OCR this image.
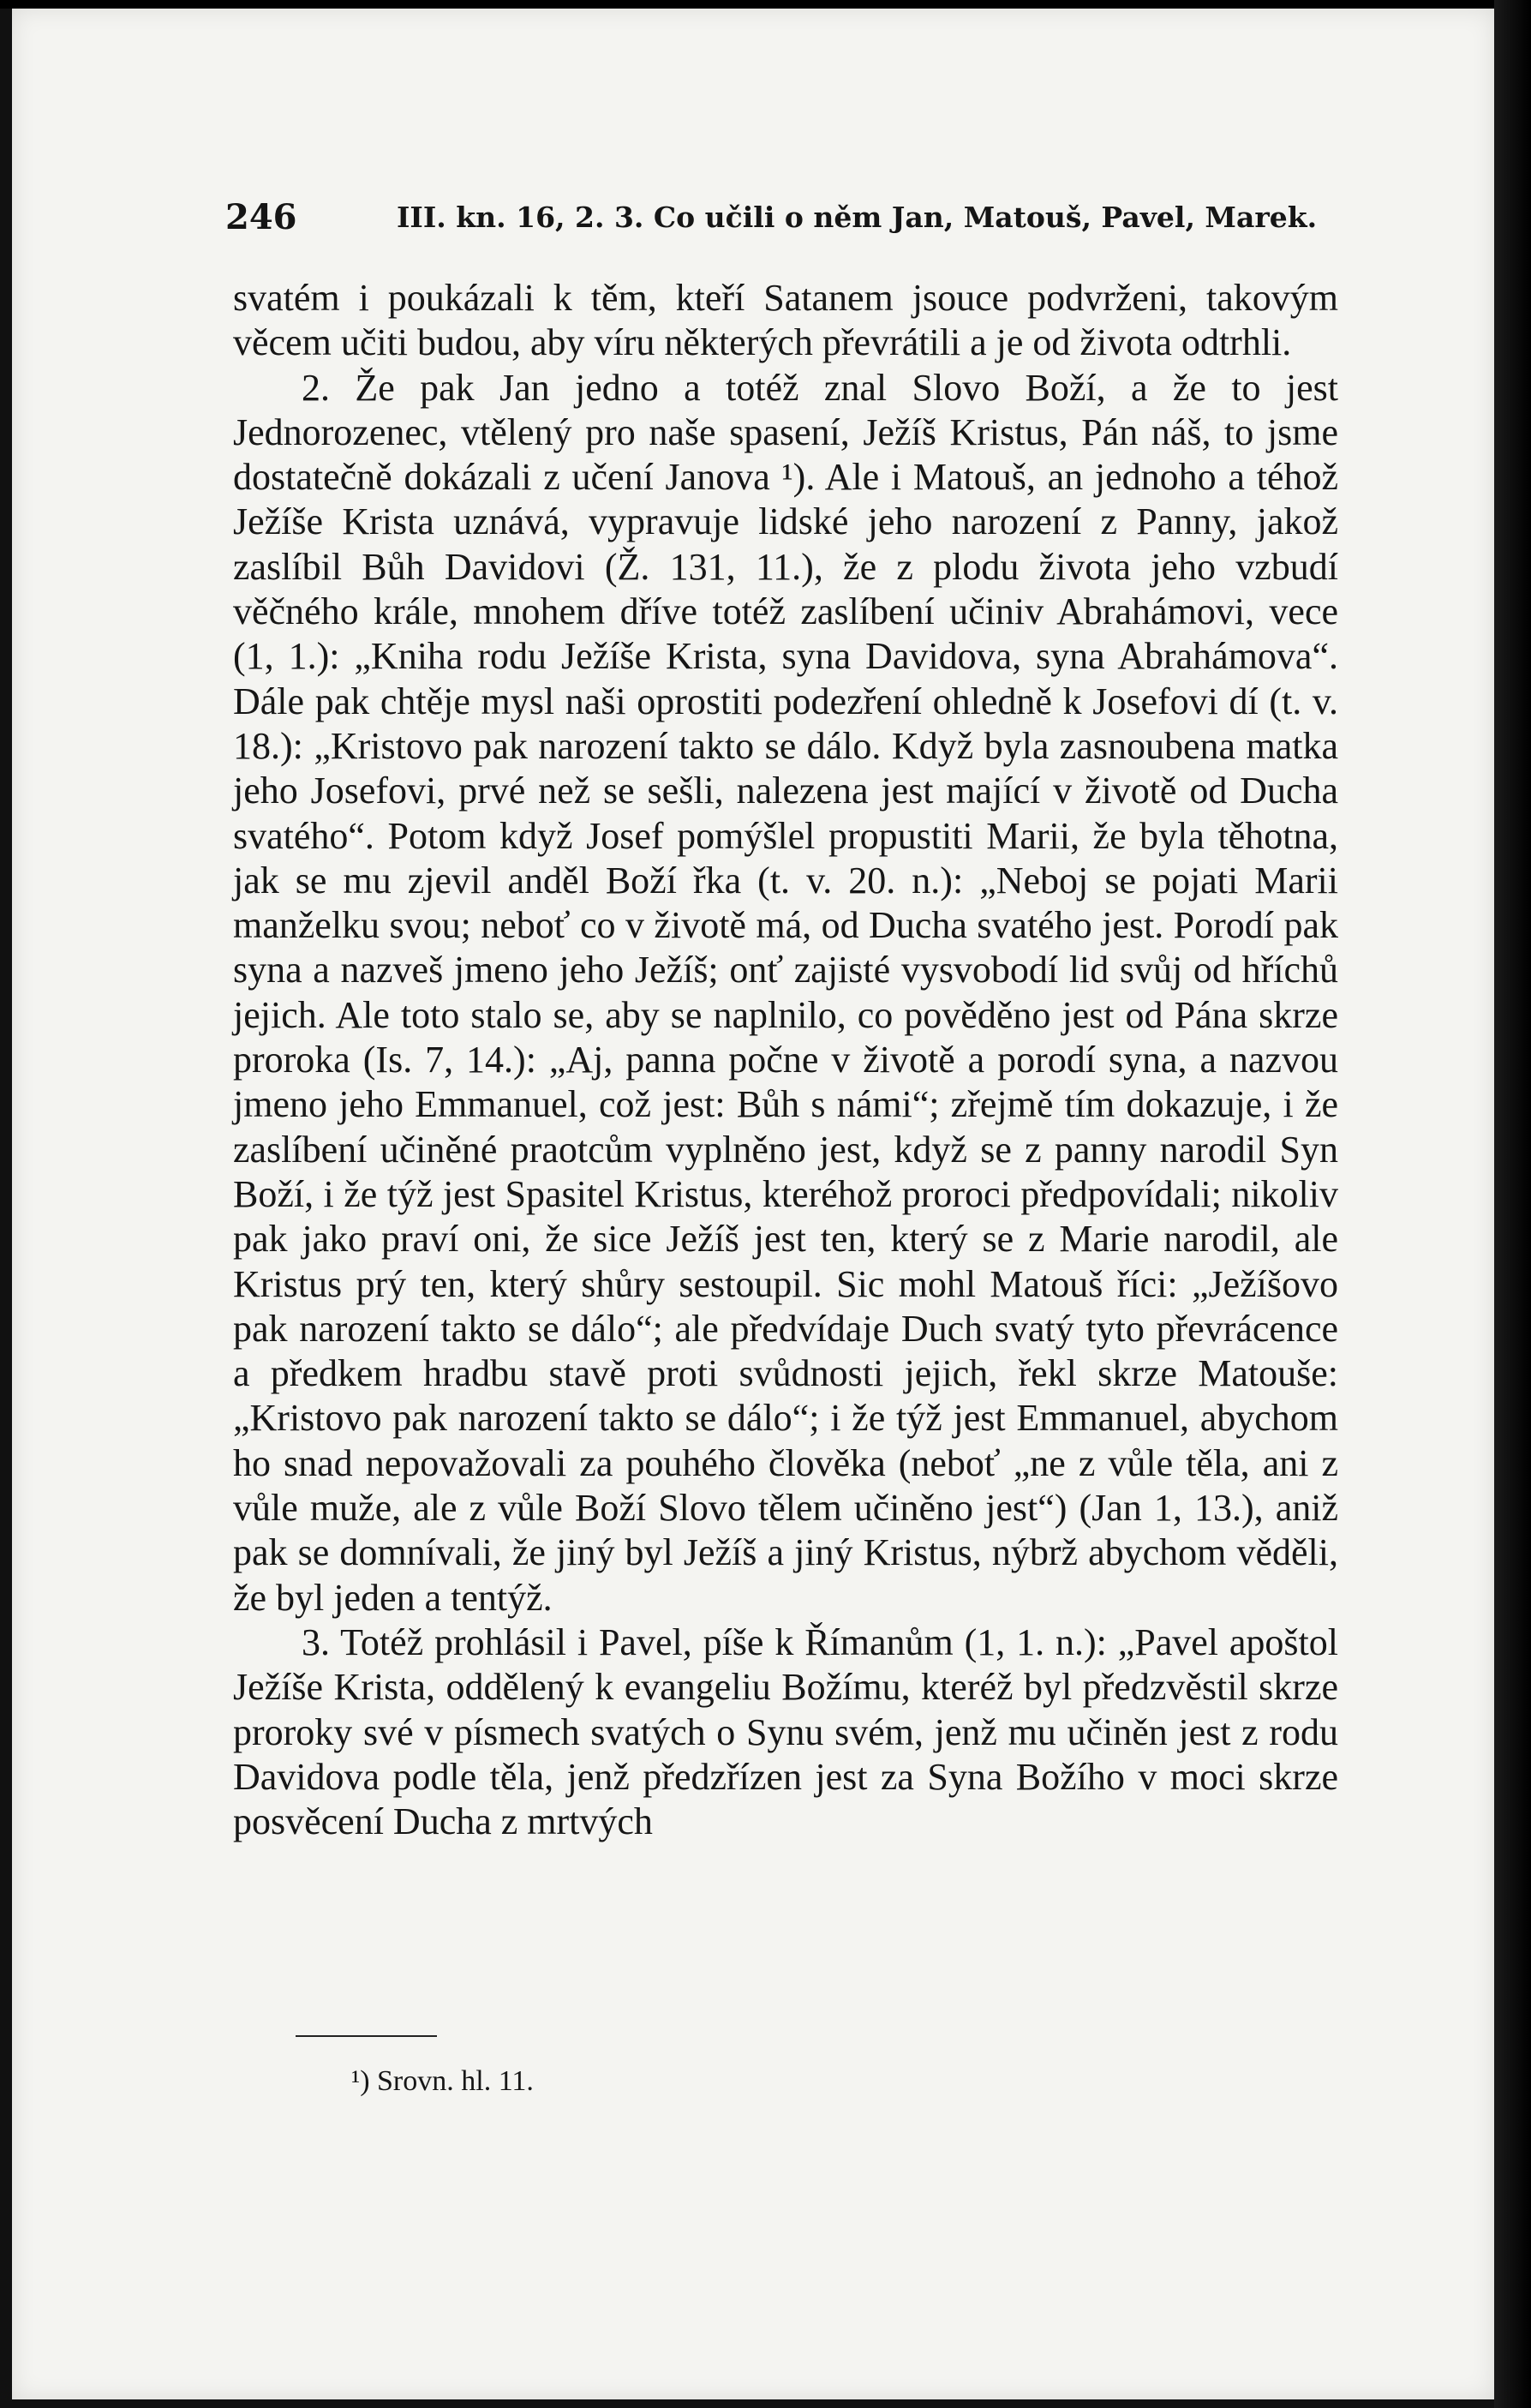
246	III. kn. 16, 2. 3. Co učili o něm Jan, Matouš, Pavel, Marek.

svatém i poukázali k těm, kteří Satanem jsouce podvrženi, takovým věcem učiti budou, aby víru některých převrátili a je od života odtrhli.

2. Že pak Jan jedno a totéž znal Slovo Boží, a že to jest Jednorozenec, vtělený pro naše spasení, Ježíš Kristus, Pán náš, to jsme dostatečně dokázali z učení Janova ¹). Ale i Matouš, an jednoho a téhož Ježíše Krista uznává, vypravuje lidské jeho narození z Panny, jakož zaslíbil Bůh Davidovi (Ž. 131, 11.), že z plodu života jeho vzbudí věčného krále, mnohem dříve totéž zaslíbení učiniv Abrahámovi, vece (1, 1.): „Kniha rodu Ježíše Krista, syna Davidova, syna Abrahámova“. Dále pak chtěje mysl naši oprostiti podezření ohledně k Josefovi dí (t. v. 18.): „Kristovo pak narození takto se dálo. Když byla zasnoubena matka jeho Josefovi, prvé než se sešli, nalezena jest mající v životě od Ducha svatého“. Potom když Josef pomýšlel propustiti Marii, že byla těhotna, jak se mu zjevil anděl Boží řka (t. v. 20. n.): „Neboj se pojati Marii manželku svou; neboť co v životě má, od Ducha svatého jest. Porodí pak syna a nazveš jmeno jeho Ježíš; onť zajisté vysvobodí lid svůj od hříchů jejich. Ale toto stalo se, aby se naplnilo, co pověděno jest od Pána skrze proroka (Is. 7, 14.): „Aj, panna počne v životě a porodí syna, a nazvou jmeno jeho Emmanuel, což jest: Bůh s námi“; zřejmě tím dokazuje, i že zaslíbení učiněné praotcům vyplněno jest, když se z panny narodil Syn Boží, i že týž jest Spasitel Kristus, kteréhož proroci předpovídali; nikoliv pak jako praví oni, že sice Ježíš jest ten, který se z Marie narodil, ale Kristus prý ten, který shůry sestoupil. Sic mohl Matouš říci: „Ježíšovo pak narození takto se dálo“; ale předvídaje Duch svatý tyto převrácence a předkem hradbu stavě proti svůdnosti jejich, řekl skrze Matouše: „Kristovo pak narození takto se dálo“; i že týž jest Emmanuel, abychom ho snad nepovažovali za pouhého člověka (neboť „ne z vůle těla, ani z vůle muže, ale z vůle Boží Slovo tělem učiněno jest“) (Jan 1, 13.), aniž pak se domnívali, že jiný byl Ježíš a jiný Kristus, nýbrž abychom věděli, že byl jeden a tentýž.

3. Totéž prohlásil i Pavel, píše k Římanům (1, 1. n.): „Pavel apoštol Ježíše Krista, oddělený k evangeliu Božímu, kteréž byl předzvěstil skrze proroky své v písmech svatých o Synu svém, jenž mu učiněn jest z rodu Davidova podle těla, jenž předzřízen jest za Syna Božího v moci skrze posvěcení Ducha z mrtvých

¹) Srovn. hl. 11.
